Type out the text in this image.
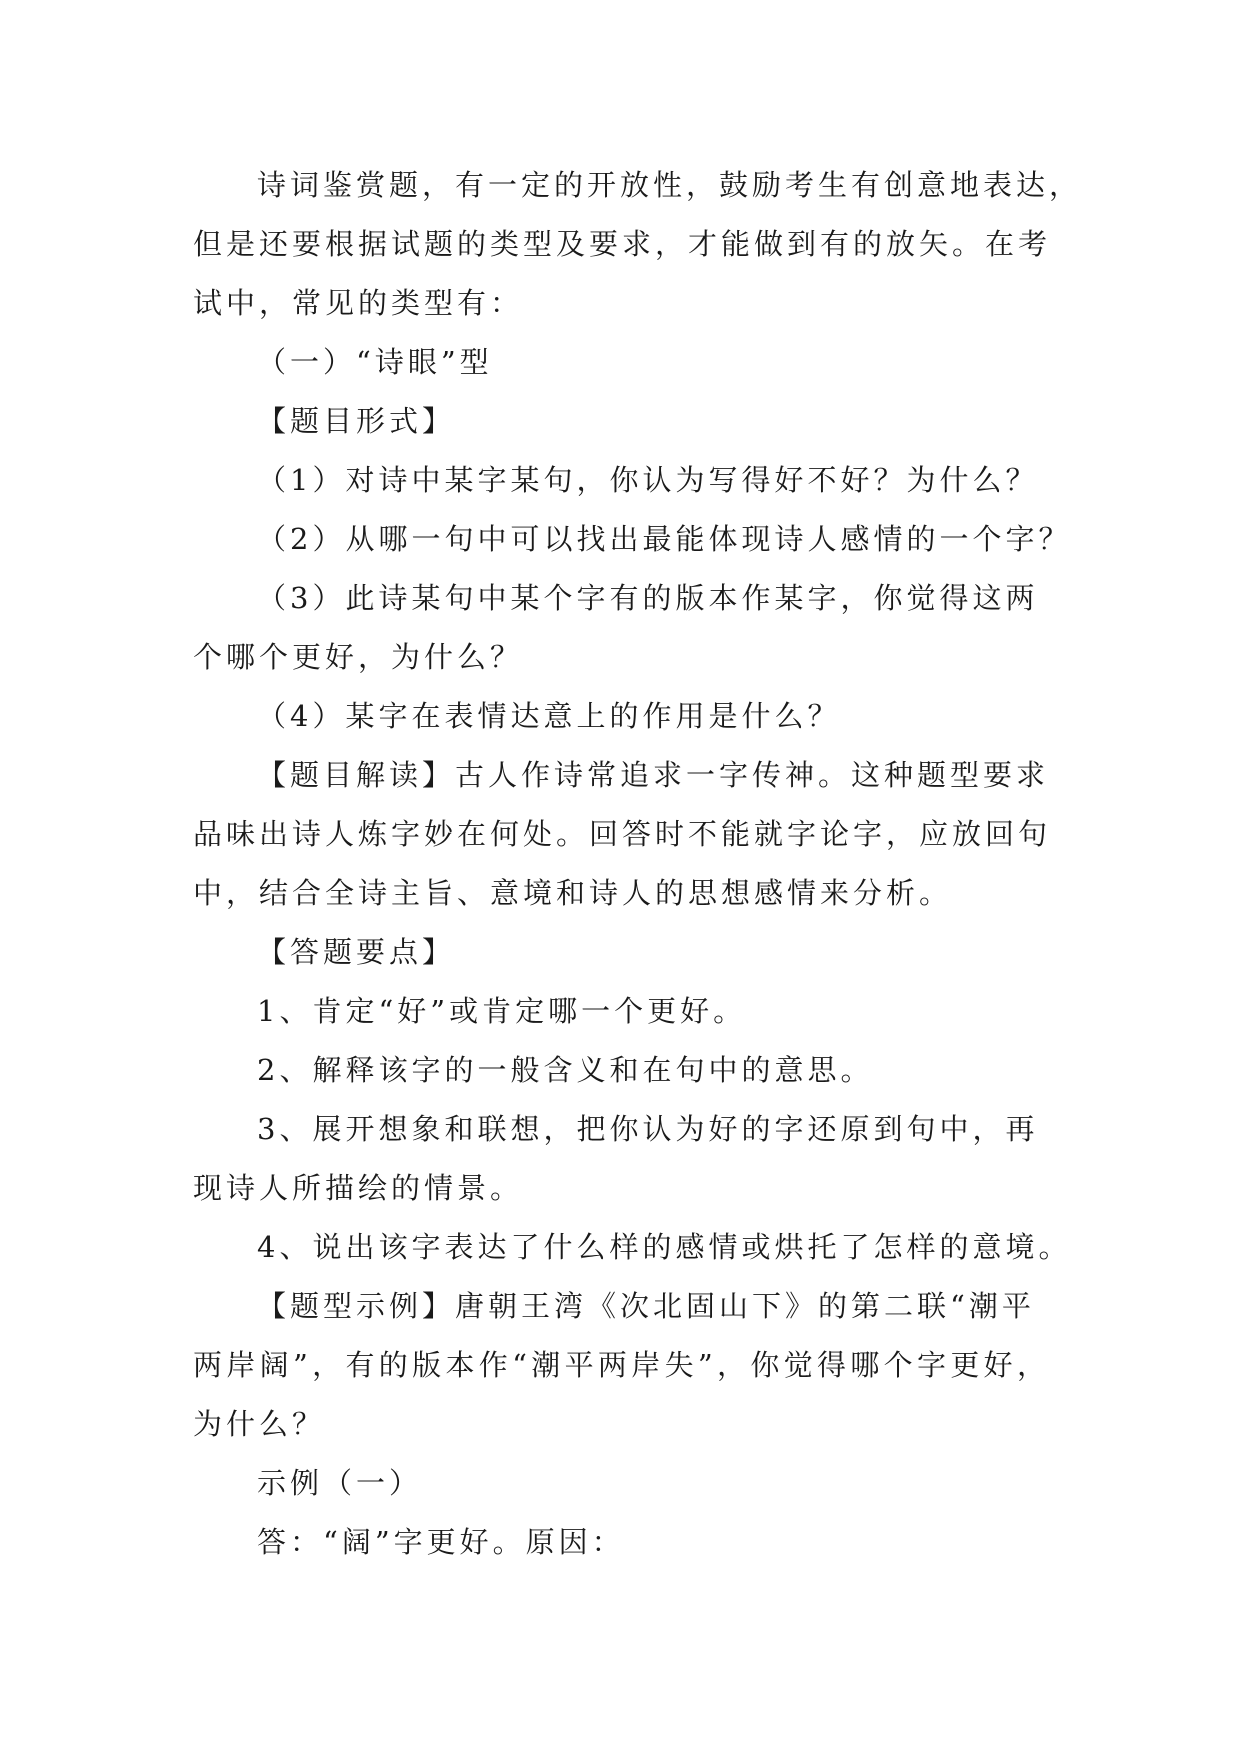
诗词鉴赏题，有一定的开放性，鼓励考生有创意地表达，
但是还要根据试题的类型及要求，才能做到有的放矢。在考
试中，常见的类型有：
（一）“诗眼”型
【题目形式】
（1）对诗中某字某句，你认为写得好不好？为什么？
（2）从哪一句中可以找出最能体现诗人感情的一个字？
（3）此诗某句中某个字有的版本作某字，你觉得这两
个哪个更好，为什么？
（4）某字在表情达意上的作用是什么？
【题目解读】古人作诗常追求一字传神。这种题型要求
品味出诗人炼字妙在何处。回答时不能就字论字，应放回句
中，结合全诗主旨、意境和诗人的思想感情来分析。
【答题要点】
1、肯定“好”或肯定哪一个更好。
2、解释该字的一般含义和在句中的意思。
3、展开想象和联想，把你认为好的字还原到句中，再
现诗人所描绘的情景。
4、说出该字表达了什么样的感情或烘托了怎样的意境。
【题型示例】唐朝王湾《次北固山下》的第二联“潮平
两岸阔”，有的版本作“潮平两岸失”，你觉得哪个字更好，
为什么？
示例（一）
答：“阔”字更好。原因：
